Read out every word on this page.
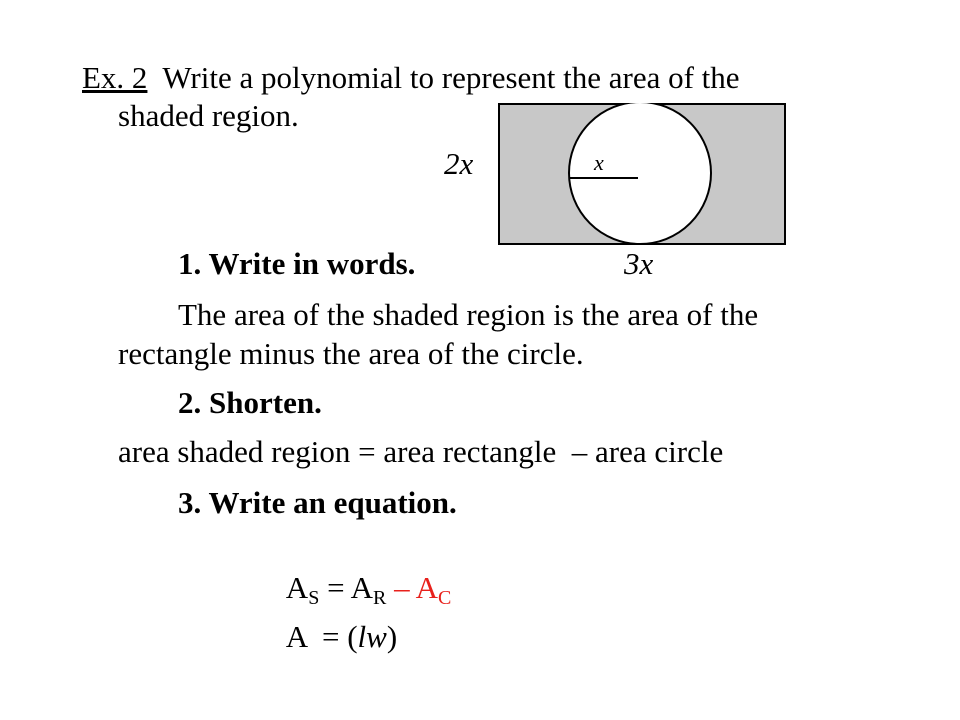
Ex. 2  Write a polynomial to represent the area of the
shaded region.
2x	x
1. Write in words.	3x
The area of the shaded region is the area of the
rectangle minus the area of the circle.
2. Shorten.
area shaded region = area rectangle  – area circle
3. Write an equation.

$A_S = A_R - A_C$

A  = (lw)
